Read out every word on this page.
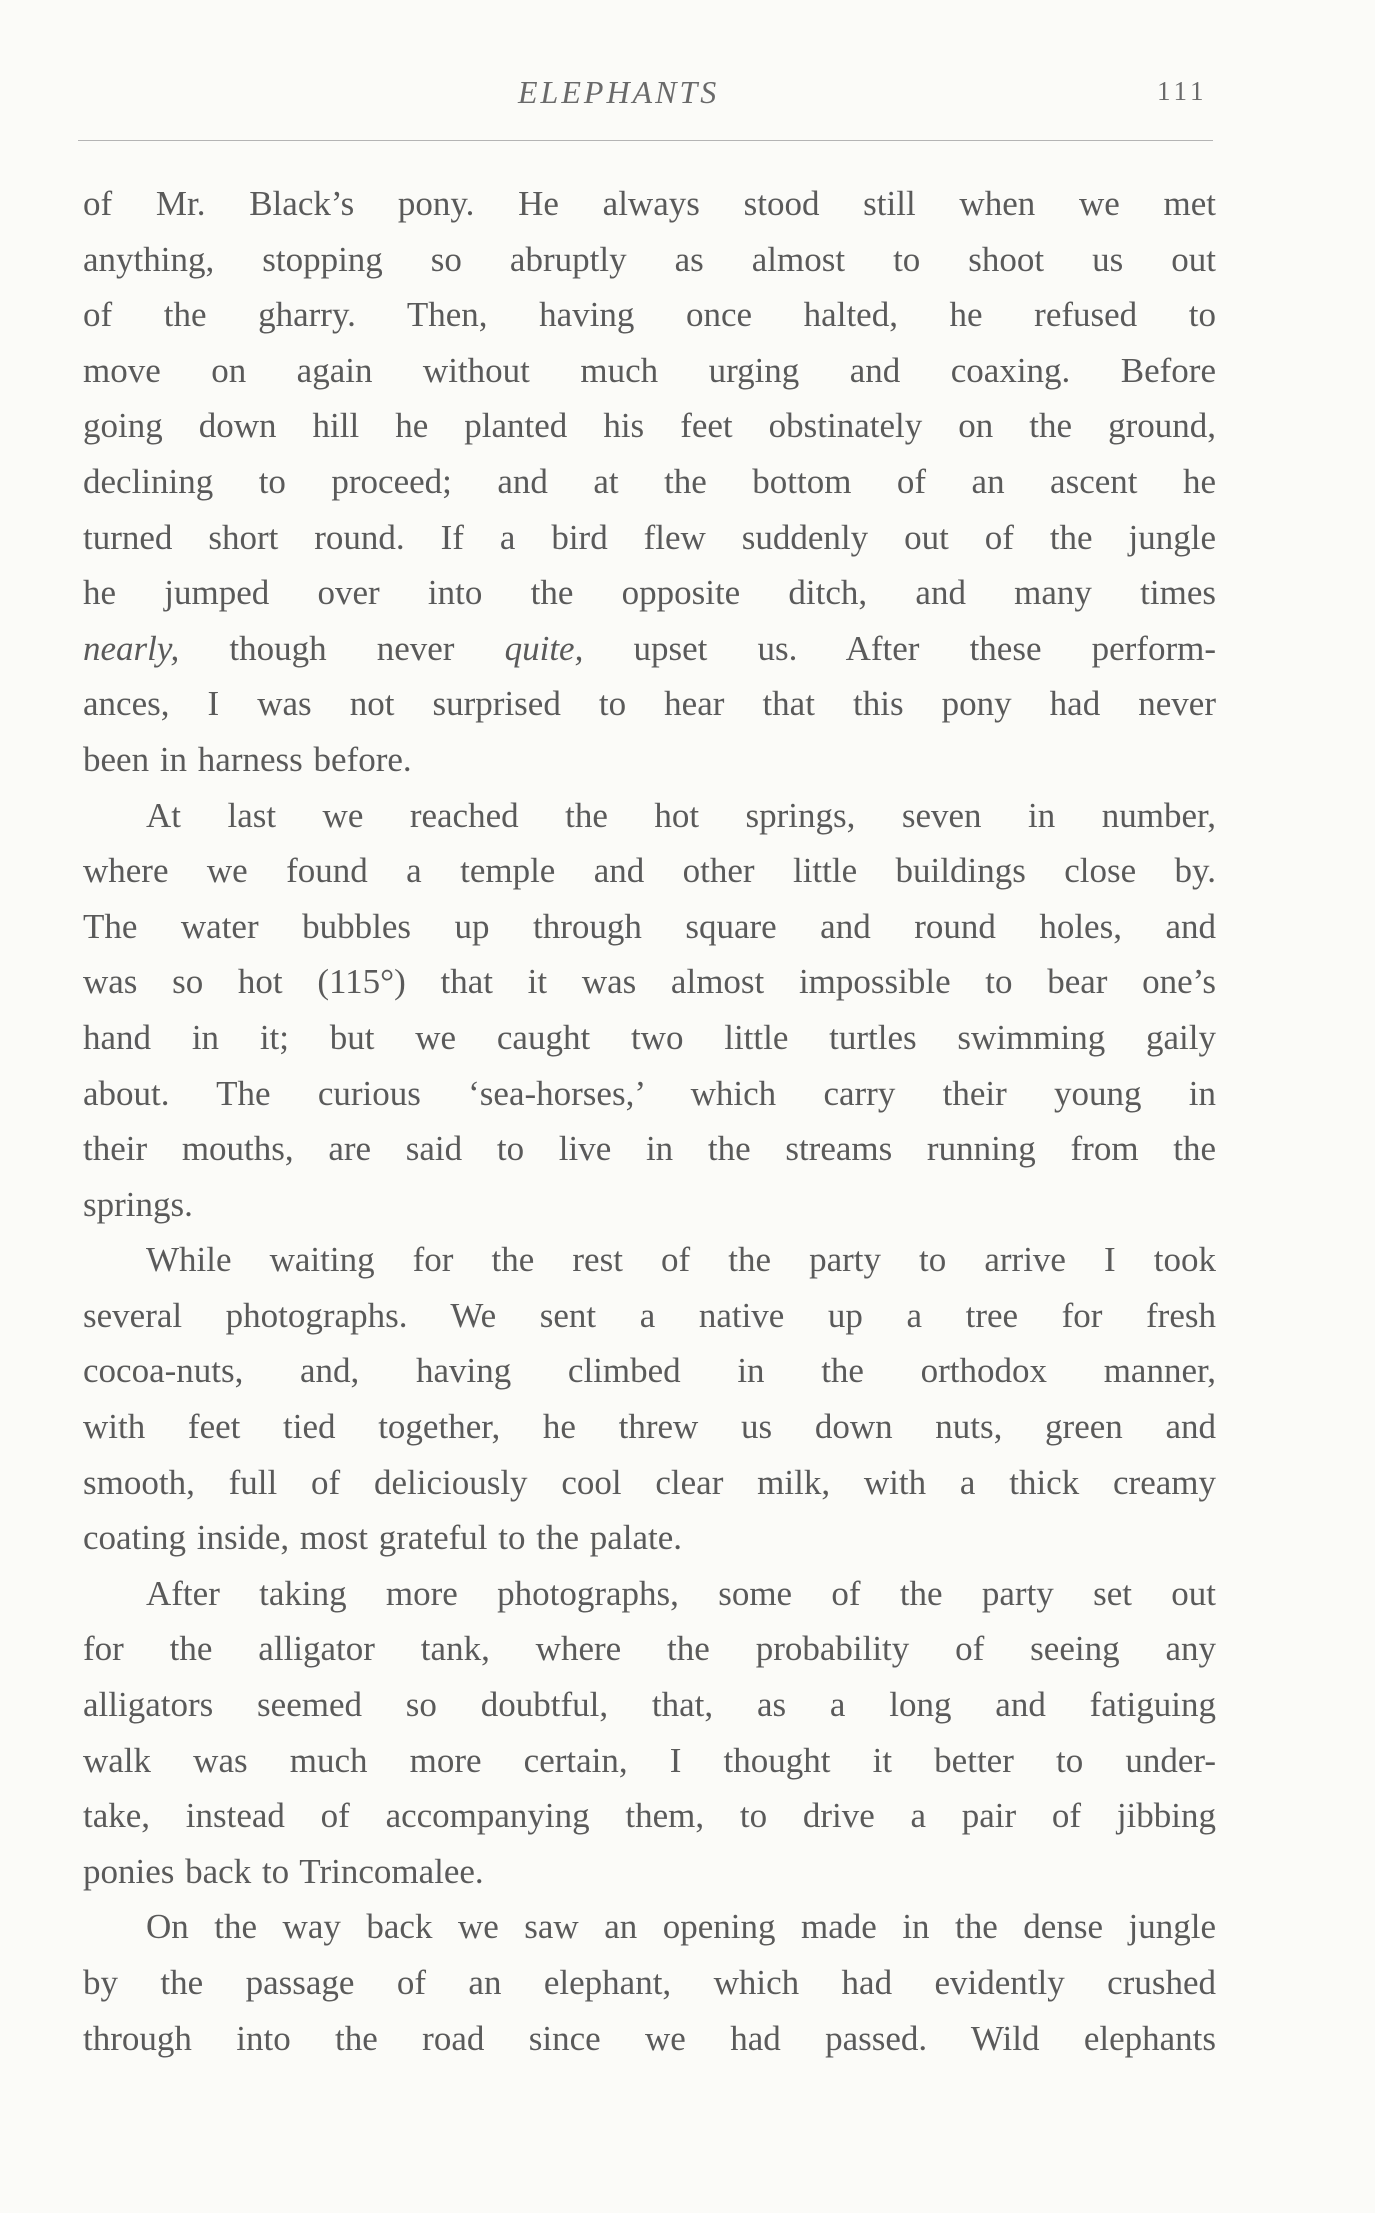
ELEPHANTS	111
of Mr. Black’s pony. He always stood still when we met
anything, stopping so abruptly as almost to shoot us out
of the gharry. Then, having once halted, he refused to
move on again without much urging and coaxing. Before
going down hill he planted his feet obstinately on the ground,
declining to proceed; and at the bottom of an ascent he
turned short round. If a bird flew suddenly out of the jungle
he jumped over into the opposite ditch, and many times
nearly, though never quite, upset us. After these perform-
ances, I was not surprised to hear that this pony had never
been in harness before.
At last we reached the hot springs, seven in number,
where we found a temple and other little buildings close by.
The water bubbles up through square and round holes, and
was so hot (115°) that it was almost impossible to bear one’s
hand in it; but we caught two little turtles swimming gaily
about. The curious ‘sea-horses,’ which carry their young in
their mouths, are said to live in the streams running from the
springs.
While waiting for the rest of the party to arrive I took
several photographs. We sent a native up a tree for fresh
cocoa-nuts, and, having climbed in the orthodox manner,
with feet tied together, he threw us down nuts, green and
smooth, full of deliciously cool clear milk, with a thick creamy
coating inside, most grateful to the palate.
After taking more photographs, some of the party set out
for the alligator tank, where the probability of seeing any
alligators seemed so doubtful, that, as a long and fatiguing
walk was much more certain, I thought it better to under-
take, instead of accompanying them, to drive a pair of jibbing
ponies back to Trincomalee.
On the way back we saw an opening made in the dense jungle
by the passage of an elephant, which had evidently crushed
through into the road since we had passed. Wild elephants
